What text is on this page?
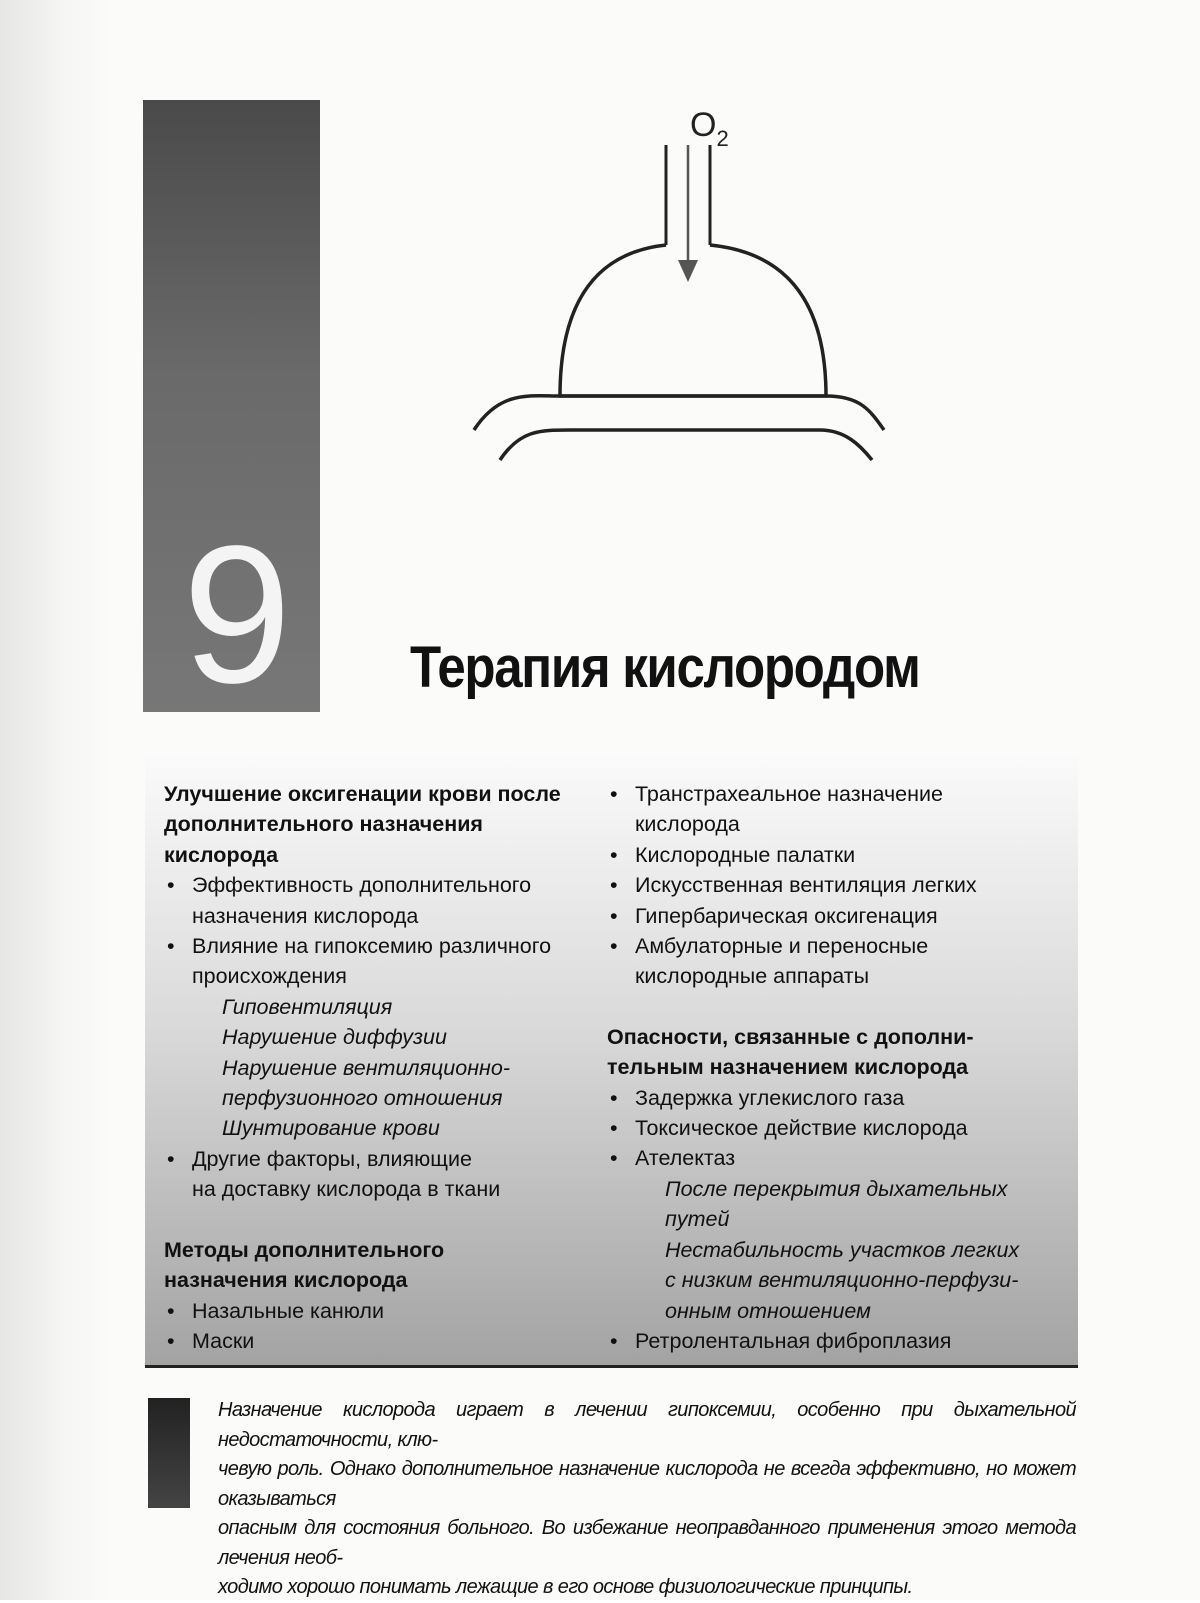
9
$O_2$
Терапия кислородом
Улучшение оксигенации крови после
дополнительного назначения
кислорода
• Эффективность дополнительного
назначения кислорода
• Влияние на гипоксемию различного
происхождения
Гиповентиляция
Нарушение диффузии
Нарушение вентиляционно-
перфузионного отношения
Шунтирование крови
• Другие факторы, влияющие
на доставку кислорода в ткани
Методы дополнительного
назначения кислорода
• Назальные канюли
• Маски
• Транстрахеальное назначение
кислорода
• Кислородные палатки
• Искусственная вентиляция легких
• Гипербарическая оксигенация
• Амбулаторные и переносные
кислородные аппараты
Опасности, связанные с дополни-
тельным назначением кислорода
• Задержка углекислого газа
• Токсическое действие кислорода
• Ателектаз
После перекрытия дыхательных
путей
Нестабильность участков легких
с низким вентиляционно-перфузи-
онным отношением
• Ретролентальная фиброплазия
Назначение кислорода играет в лечении гипоксемии, особенно при дыхательной недостаточности, клю-
чевую роль. Однако дополнительное назначение кислорода не всегда эффективно, но может оказываться
опасным для состояния больного. Во избежание неоправданного применения этого метода лечения необ-
ходимо хорошо понимать лежащие в его основе физиологические принципы.
